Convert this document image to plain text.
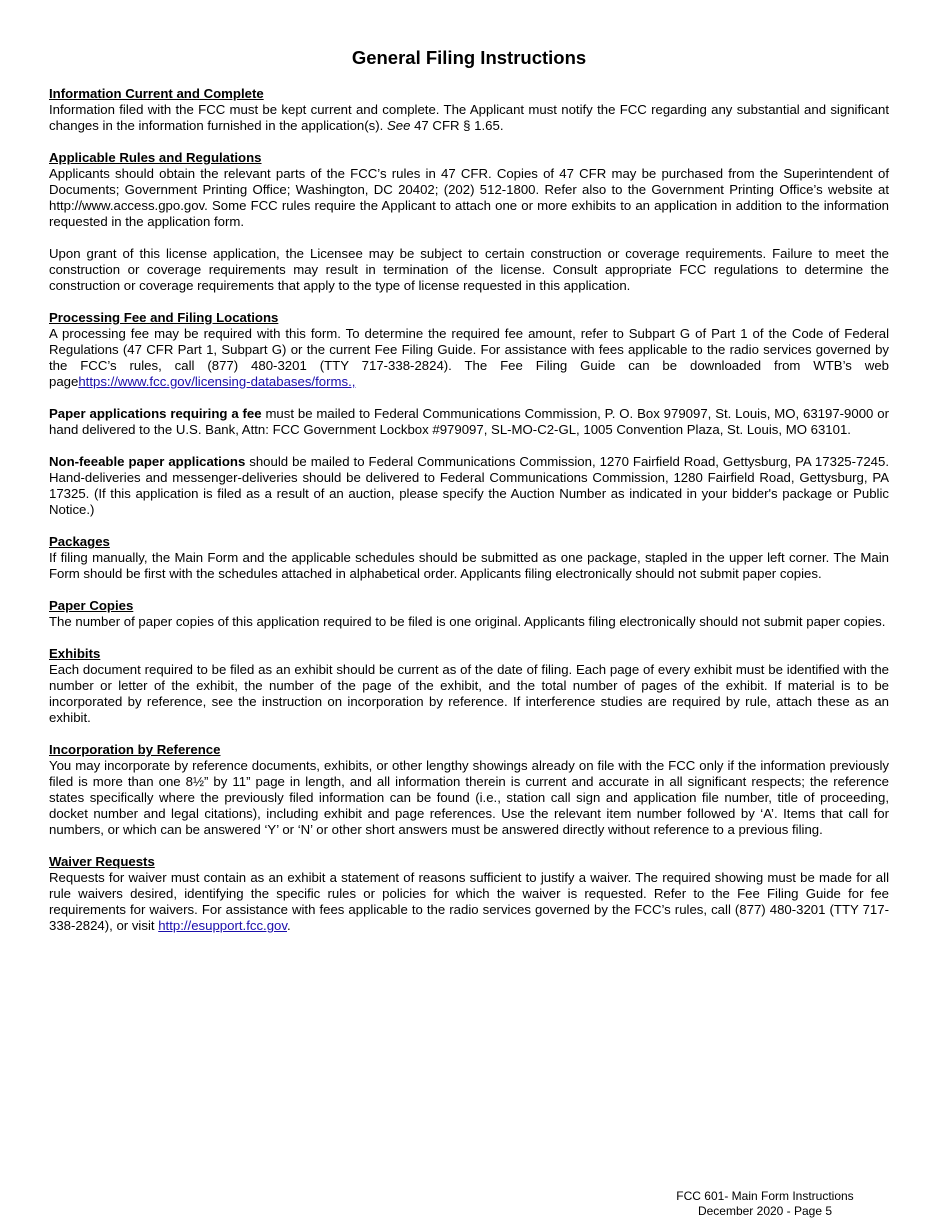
General Filing Instructions
Information Current and Complete

Information filed with the FCC must be kept current and complete. The Applicant must notify the FCC regarding any substantial and significant changes in the information furnished in the application(s). See 47 CFR § 1.65.

Applicable Rules and Regulations

Applicants should obtain the relevant parts of the FCC’s rules in 47 CFR. Copies of 47 CFR may be purchased from the Superintendent of Documents; Government Printing Office; Washington, DC 20402; (202) 512-1800. Refer also to the Government Printing Office’s website at http://www.access.gpo.gov. Some FCC rules require the Applicant to attach one or more exhibits to an application in addition to the information requested in the application form.

Upon grant of this license application, the Licensee may be subject to certain construction or coverage requirements. Failure to meet the construction or coverage requirements may result in termination of the license. Consult appropriate FCC regulations to determine the construction or coverage requirements that apply to the type of license requested in this application.

Processing Fee and Filing Locations

A processing fee may be required with this form. To determine the required fee amount, refer to Subpart G of Part 1 of the Code of Federal Regulations (47 CFR Part 1, Subpart G) or the current Fee Filing Guide. For assistance with fees applicable to the radio services governed by the FCC’s rules, call (877) 480-3201 (TTY 717-338-2824). The Fee Filing Guide can be downloaded from WTB’s web pagehttps://www.fcc.gov/licensing-databases/forms.,

Paper applications requiring a fee must be mailed to Federal Communications Commission, P. O. Box 979097, St. Louis, MO, 63197-9000 or hand delivered to the U.S. Bank, Attn: FCC Government Lockbox #979097, SL-MO-C2-GL, 1005 Convention Plaza, St. Louis, MO 63101.

Non-feeable paper applications should be mailed to Federal Communications Commission, 1270 Fairfield Road, Gettysburg, PA 17325-7245. Hand-deliveries and messenger-deliveries should be delivered to Federal Communications Commission, 1280 Fairfield Road, Gettysburg, PA 17325. (If this application is filed as a result of an auction, please specify the Auction Number as indicated in your bidder's package or Public Notice.)

Packages

If filing manually, the Main Form and the applicable schedules should be submitted as one package, stapled in the upper left corner. The Main Form should be first with the schedules attached in alphabetical order. Applicants filing electronically should not submit paper copies.

Paper Copies

The number of paper copies of this application required to be filed is one original. Applicants filing electronically should not submit paper copies.

Exhibits

Each document required to be filed as an exhibit should be current as of the date of filing. Each page of every exhibit must be identified with the number or letter of the exhibit, the number of the page of the exhibit, and the total number of pages of the exhibit. If material is to be incorporated by reference, see the instruction on incorporation by reference. If interference studies are required by rule, attach these as an exhibit.

Incorporation by Reference

You may incorporate by reference documents, exhibits, or other lengthy showings already on file with the FCC only if the information previously filed is more than one 8½” by 11” page in length, and all information therein is current and accurate in all significant respects; the reference states specifically where the previously filed information can be found (i.e., station call sign and application file number, title of proceeding, docket number and legal citations), including exhibit and page references. Use the relevant item number followed by ‘A’. Items that call for numbers, or which can be answered ‘Y’ or ‘N’ or other short answers must be answered directly without reference to a previous filing.

Waiver Requests

Requests for waiver must contain as an exhibit a statement of reasons sufficient to justify a waiver. The required showing must be made for all rule waivers desired, identifying the specific rules or policies for which the waiver is requested. Refer to the Fee Filing Guide for fee requirements for waivers. For assistance with fees applicable to the radio services governed by the FCC’s rules, call (877) 480-3201 (TTY 717-338-2824), or visit http://esupport.fcc.gov.

FCC 601- Main Form Instructions
December 2020 - Page 5
